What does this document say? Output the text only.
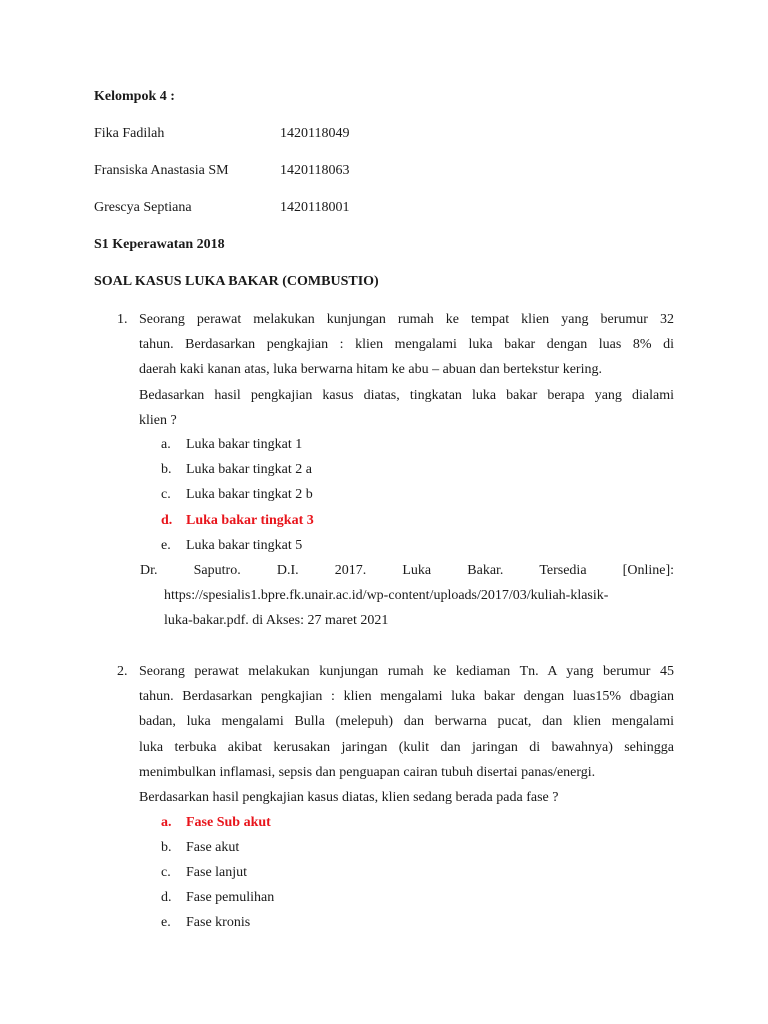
Kelompok 4 :
Fika Fadilah	1420118049
Fransiska Anastasia SM	1420118063
Grescya Septiana	1420118001
S1 Keperawatan 2018
SOAL KASUS LUKA BAKAR (COMBUSTIO)
1. Seorang perawat melakukan kunjungan rumah ke tempat klien yang berumur 32
tahun. Berdasarkan pengkajian : klien mengalami luka bakar dengan luas 8% di
daerah kaki kanan atas, luka berwarna hitam ke abu – abuan dan bertekstur kering.
Bedasarkan hasil pengkajian kasus diatas, tingkatan luka bakar berapa yang dialami
klien ?
a. Luka bakar tingkat 1
b. Luka bakar tingkat 2 a
c. Luka bakar tingkat 2 b
d. Luka bakar tingkat 3
e. Luka bakar tingkat 5
Dr. Saputro. D.I. 2017. Luka Bakar. Tersedia [Online]:
https://spesialis1.bpre.fk.unair.ac.id/wp-content/uploads/2017/03/kuliah-klasik-
luka-bakar.pdf. di Akses: 27 maret 2021
2. Seorang perawat melakukan kunjungan rumah ke kediaman Tn. A yang berumur 45
tahun. Berdasarkan pengkajian : klien mengalami luka bakar dengan luas15% dbagian
badan, luka mengalami Bulla (melepuh) dan berwarna pucat, dan klien mengalami
luka terbuka akibat kerusakan jaringan (kulit dan jaringan di bawahnya) sehingga
menimbulkan inflamasi, sepsis dan penguapan cairan tubuh disertai panas/energi.
Berdasarkan hasil pengkajian kasus diatas, klien sedang berada pada fase ?
a. Fase Sub akut
b. Fase akut
c. Fase lanjut
d. Fase pemulihan
e. Fase kronis
